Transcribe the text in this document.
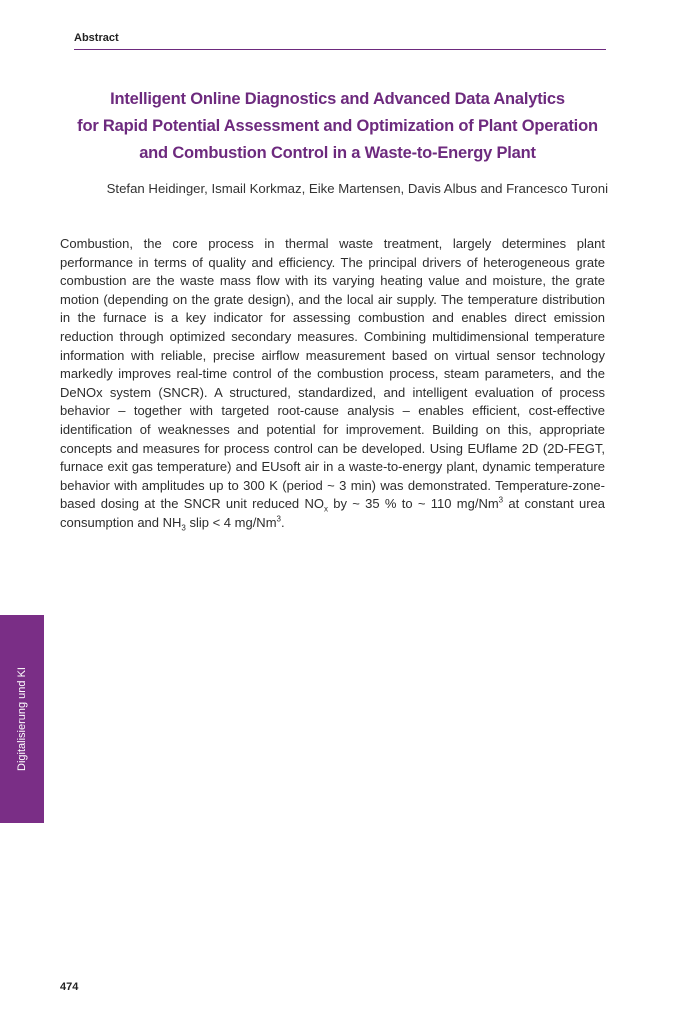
Abstract
Intelligent Online Diagnostics and Advanced Data Analytics
for Rapid Potential Assessment and Optimization of Plant Operation
and Combustion Control in a Waste-to-Energy Plant
Stefan Heidinger, Ismail Korkmaz, Eike Martensen, Davis Albus and Francesco Turoni
Combustion, the core process in thermal waste treatment, largely determines plant performance in terms of quality and efficiency. The principal drivers of heterogeneous grate combustion are the waste mass flow with its varying heating value and moisture, the grate motion (depending on the grate design), and the local air supply. The temperature distribution in the furnace is a key indicator for assessing combustion and enables direct emission reduction through optimized secondary measures. Combining multidimensional temperature information with reliable, precise airflow measurement based on virtual sensor technology markedly improves real-time control of the combustion process, steam parameters, and the DeNOx system (SNCR). A structured, standardized, and intelligent evaluation of process behavior – together with targeted root-cause analysis – enables efficient, cost-effective identification of weaknesses and potential for improvement. Building on this, appropriate concepts and measures for process control can be developed. Using EUflame 2D (2D-FEGT, furnace exit gas temperature) and EUsoft air in a waste-to-energy plant, dynamic temperature behavior with amplitudes up to 300 K (period ~ 3 min) was demonstrated. Temperature-zone-based dosing at the SNCR unit reduced $NO_x$ by ~ 35 % to ~ 110 mg/Nm$^3$ at constant urea consumption and $NH_3$ slip < 4 mg/Nm$^3$.
Digitalisierung und KI
474
